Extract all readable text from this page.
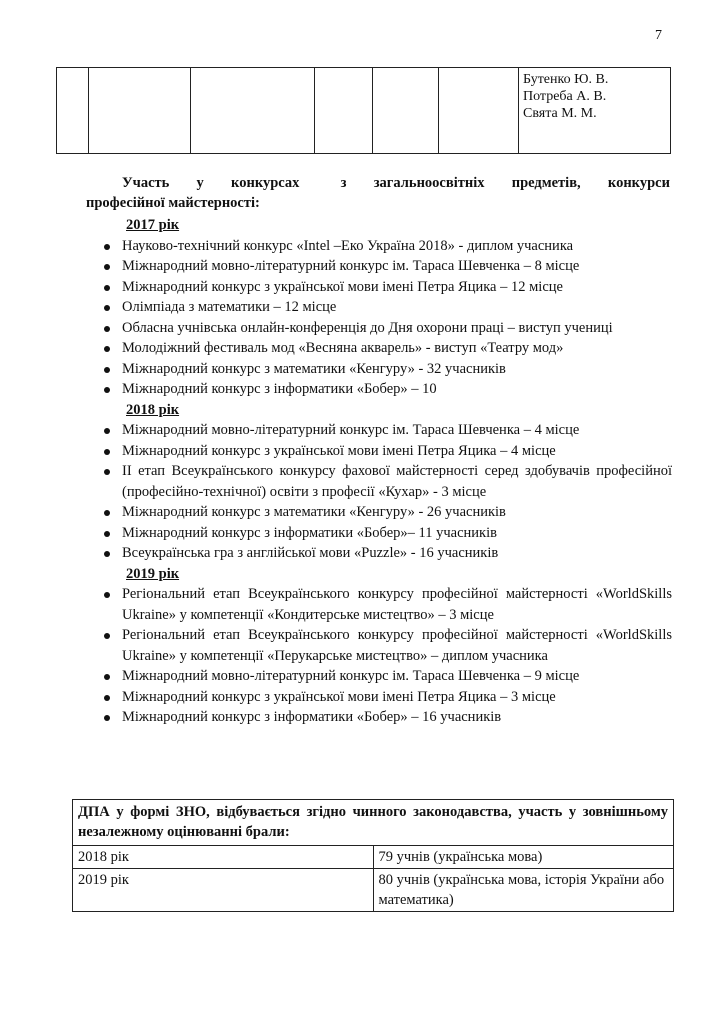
7

Бутенко Ю. В.
Потреба А. В.
Свята М. М.
Участь у конкурсах	з загальноосвітніх предметів, конкурси
професійної майстерності:
2017 рік
Науково-технічний конкурс «Intel –Еко Україна 2018» - диплом учасника
Міжнародний мовно-літературний конкурс ім. Тараса Шевченка – 8 місце
Міжнародний конкурс з української мови імені Петра Яцика – 12 місце
Олімпіада з математики – 12 місце
Обласна учнівська онлайн-конференція до Дня охорони праці – виступ учениці
Молодіжний фестиваль мод «Весняна акварель» - виступ «Театру мод»
Міжнародний конкурс з математики «Кенгуру» - 32 учасників
Міжнародний конкурс з інформатики «Бобер» – 10
2018 рік
Міжнародний мовно-літературний конкурс ім. Тараса Шевченка – 4 місце
Міжнародний конкурс з української мови імені Петра Яцика – 4 місце
ІІ етап Всеукраїнського конкурсу фахової майстерності серед здобувачів професійної (професійно-технічної) освіти з професії «Кухар» - 3 місце
Міжнародний конкурс з математики «Кенгуру» - 26 учасників
Міжнародний конкурс з інформатики «Бобер»– 11 учасників
Всеукраїнська гра з англійської мови «Puzzle» - 16 учасників
2019 рік
Регіональний етап Всеукраїнського конкурсу професійної майстерності «WorldSkills Ukraine» у компетенції «Кондитерське мистецтво» – 3 місце
Регіональний етап Всеукраїнського конкурсу професійної майстерності «WorldSkills Ukraine» у компетенції «Перукарське мистецтво» – диплом учасника
Міжнародний мовно-літературний конкурс ім. Тараса Шевченка – 9 місце
Міжнародний конкурс з української мови імені Петра Яцика – 3 місце
Міжнародний конкурс з інформатики «Бобер» – 16 учасників
ДПА у формі ЗНО, відбувається згідно чинного законодавства, участь у зовнішньому незалежному оцінюванні брали:	
2018 рік	79 учнів (українська мова)
2019 рік	80 учнів (українська мова, історія України або математика)
